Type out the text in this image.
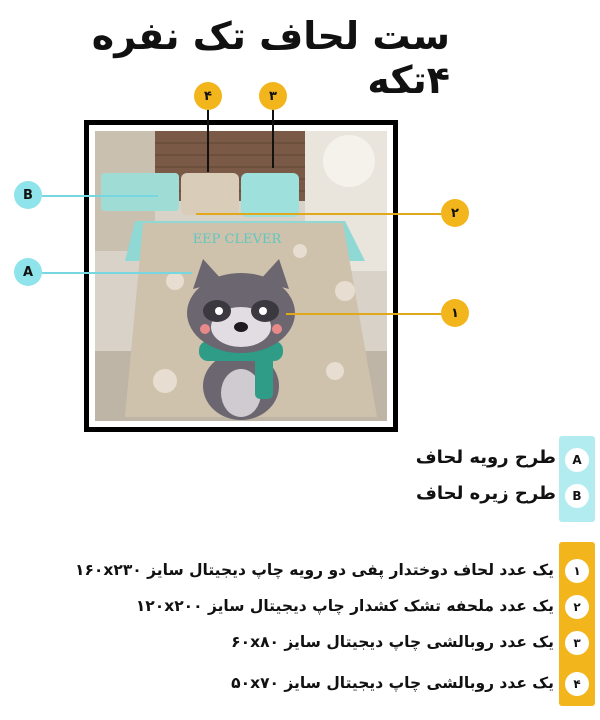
ست لحاف تک نفره ۴تکه
EEP CLEVER
۴	۳
۲
۱
B
A
A
طرح رویه لحاف
B
طرح زیره لحاف
۱
یک عدد لحاف دوختدار پفی دو رویه چاپ دیجیتال سایز ۱۶۰x۲۳۰
۲
یک عدد ملحفه تشک کشدار چاپ دیجیتال سایز ۱۲۰x۲۰۰
۳
یک عدد روبالشی چاپ دیجیتال سایز ۶۰x۸۰
۴
یک عدد روبالشی چاپ دیجیتال سایز ۵۰x۷۰
